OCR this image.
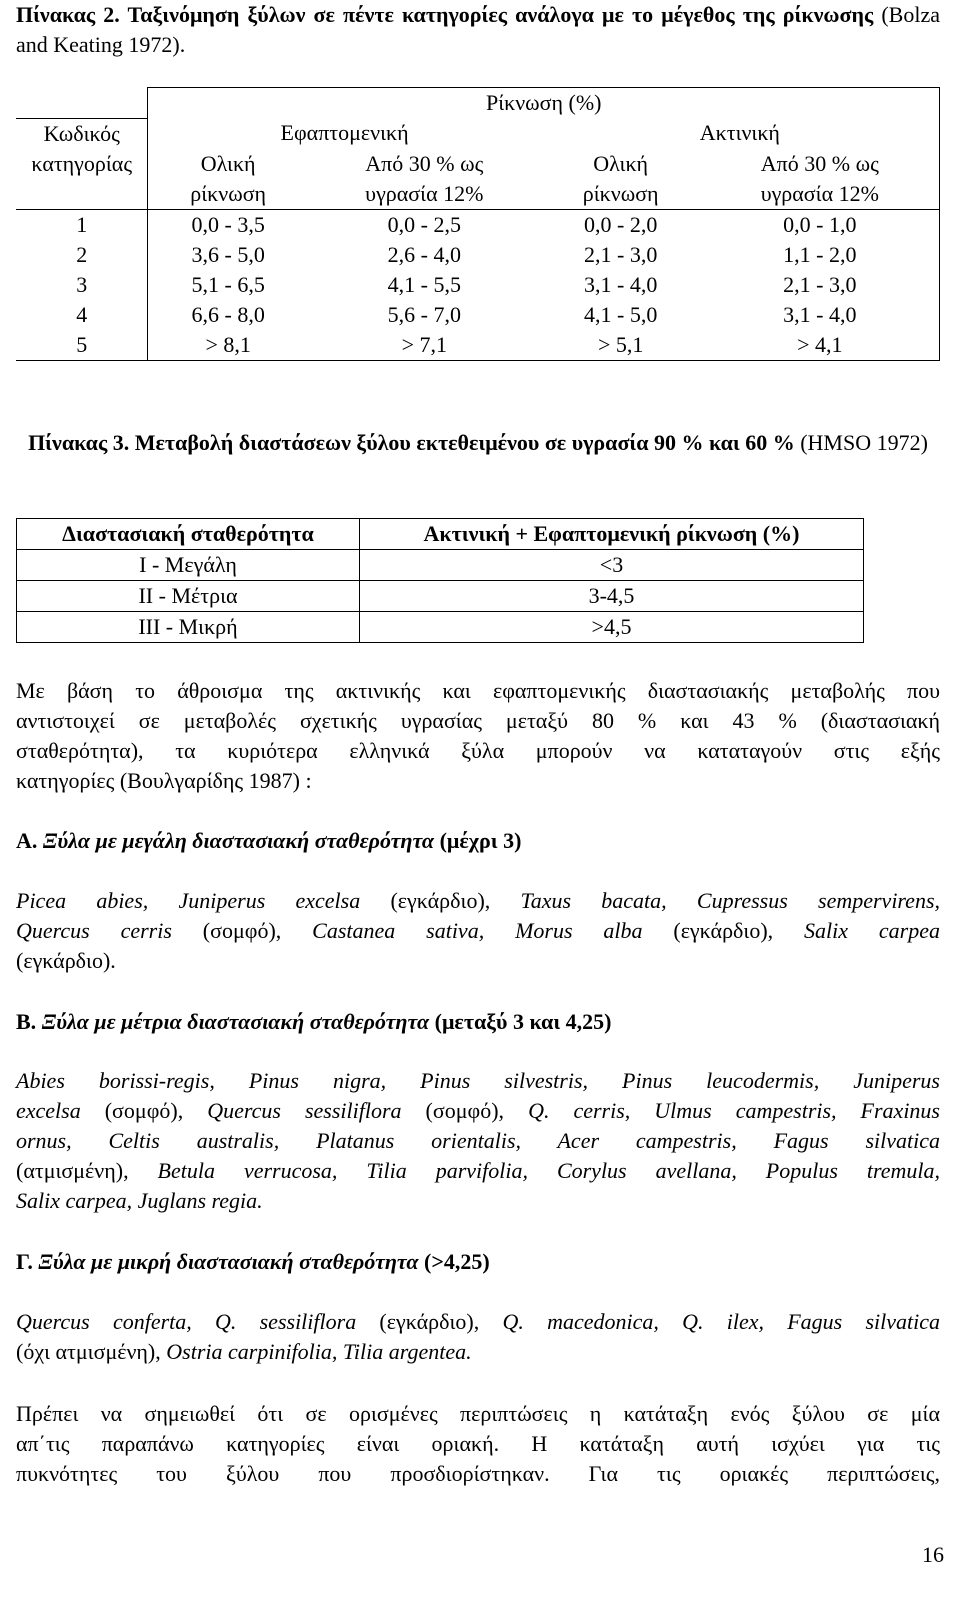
Πίνακας 2. Ταξινόμηση ξύλων σε πέντε κατηγορίες ανάλογα με το μέγεθος της ρίκνωσης (Bolza and Keating 1972).

	Ρίκνωση (%)			
Κωδικός	Εφαπτομενική		Ακτινική	
κατηγορίας	Ολική	Από 30 % ως	Ολική	Από 30 % ως
	ρίκνωση	υγρασία 12%	ρίκνωση	υγρασία 12%
1	0,0 - 3,5	0,0 - 2,5	0,0 - 2,0	0,0 - 1,0
2	3,6 - 5,0	2,6 - 4,0	2,1 - 3,0	1,1 - 2,0
3	5,1 - 6,5	4,1 - 5,5	3,1 - 4,0	2,1 - 3,0
4	6,6 - 8,0	5,6 - 7,0	4,1 - 5,0	3,1 - 4,0
5	> 8,1	> 7,1	> 5,1	> 4,1

Πίνακας 3. Μεταβολή διαστάσεων ξύλου εκτεθειμένου σε υγρασία 90 % και 60 % (HMSO 1972)

Διαστασιακή σταθερότητα	Ακτινική + Εφαπτομενική ρίκνωση (%)
I - Μεγάλη	<3
II - Μέτρια	3-4,5
III - Μικρή	>4,5

Με βάση το άθροισμα της ακτινικής και εφαπτομενικής διαστασιακής μεταβολής που
αντιστοιχεί σε μεταβολές σχετικής υγρασίας μεταξύ 80 % και 43 % (διαστασιακή
σταθερότητα), τα κυριότερα ελληνικά ξύλα μπορούν να καταταγούν στις εξής
κατηγορίες (Βουλγαρίδης 1987) :

Α. Ξύλα με μεγάλη διαστασιακή σταθερότητα (μέχρι 3)

Picea abies, Juniperus excelsa (εγκάρδιο), Taxus bacata, Cupressus sempervirens,
Quercus cerris (σομφό), Castanea sativa, Morus alba (εγκάρδιο), Salix carpea
(εγκάρδιο).

Β. Ξύλα με μέτρια διαστασιακή σταθερότητα (μεταξύ 3 και 4,25)

Abies borissi-regis, Pinus nigra, Pinus silvestris, Pinus leucodermis, Juniperus
excelsa (σομφό), Quercus sessiliflora (σομφό), Q. cerris, Ulmus campestris, Fraxinus
ornus, Celtis australis, Platanus orientalis, Acer campestris, Fagus silvatica
(ατμισμένη), Betula verrucosa, Tilia parvifolia, Corylus avellana, Populus tremula,
Salix carpea, Juglans regia.

Γ. Ξύλα με μικρή διαστασιακή σταθερότητα (>4,25)

Quercus conferta, Q. sessiliflora (εγκάρδιο), Q. macedonica, Q. ilex, Fagus silvatica
(όχι ατμισμένη), Ostria carpinifolia, Tilia argentea.

Πρέπει να σημειωθεί ότι σε ορισμένες περιπτώσεις η κατάταξη ενός ξύλου σε μία
απ΄τις παραπάνω κατηγορίες είναι οριακή. Η κατάταξη αυτή ισχύει για τις
πυκνότητες του ξύλου που προσδιορίστηκαν. Για τις οριακές περιπτώσεις,

16
